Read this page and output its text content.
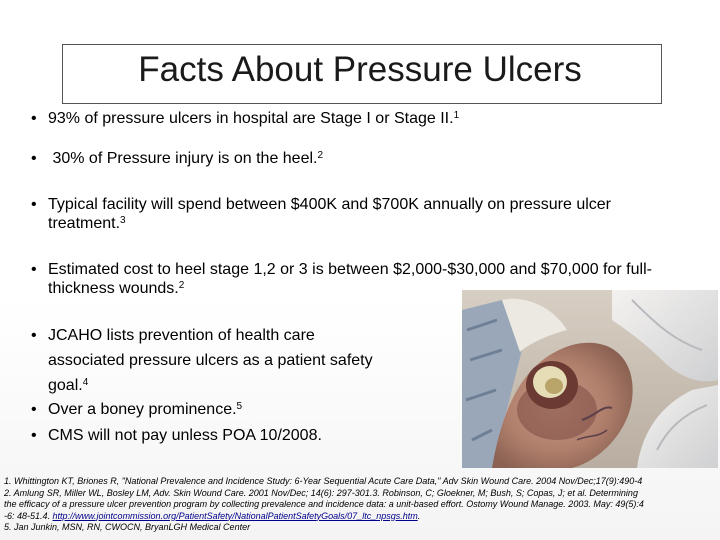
Facts About Pressure Ulcers
• 93% of pressure ulcers in hospital are Stage I or Stage II.$^1$
• 30% of Pressure injury is on the heel.$^2$
• Typical facility will spend between $400K and $700K annually on pressure ulcer treatment.$^3$
• Estimated cost to heel stage 1,2 or 3 is between $2,000-$30,000 and $70,000 for full-thickness wounds.$^2$
• JCAHO lists prevention of health care associated pressure ulcers as a patient safety goal.$^4$
• Over a boney prominence.$^5$
• CMS will not pay unless POA 10/2008.
1. Whittington KT, Briones R, "National Prevalence and Incidence Study: 6-Year Sequential Acute Care Data," Adv Skin Wound Care. 2004 Nov/Dec;17(9):490-4
2. Amlung SR, Miller WL, Bosley LM, Adv. Skin Wound Care. 2001 Nov/Dec; 14(6): 297-301.3. Robinson, C; Gloekner, M; Bush, S; Copas, J; et al. Determining
the efficacy of a pressure ulcer prevention program by collecting prevalence and incidence data: a unit-based effort. Ostomy Wound Manage. 2003. May: 49(5):4
-6: 48-51.4. http://www.jointcommission.org/PatientSafety/NationalPatientSafetyGoals/07_ltc_npsgs.htm.
5. Jan Junkin, MSN, RN, CWOCN, BryanLGH Medical Center
